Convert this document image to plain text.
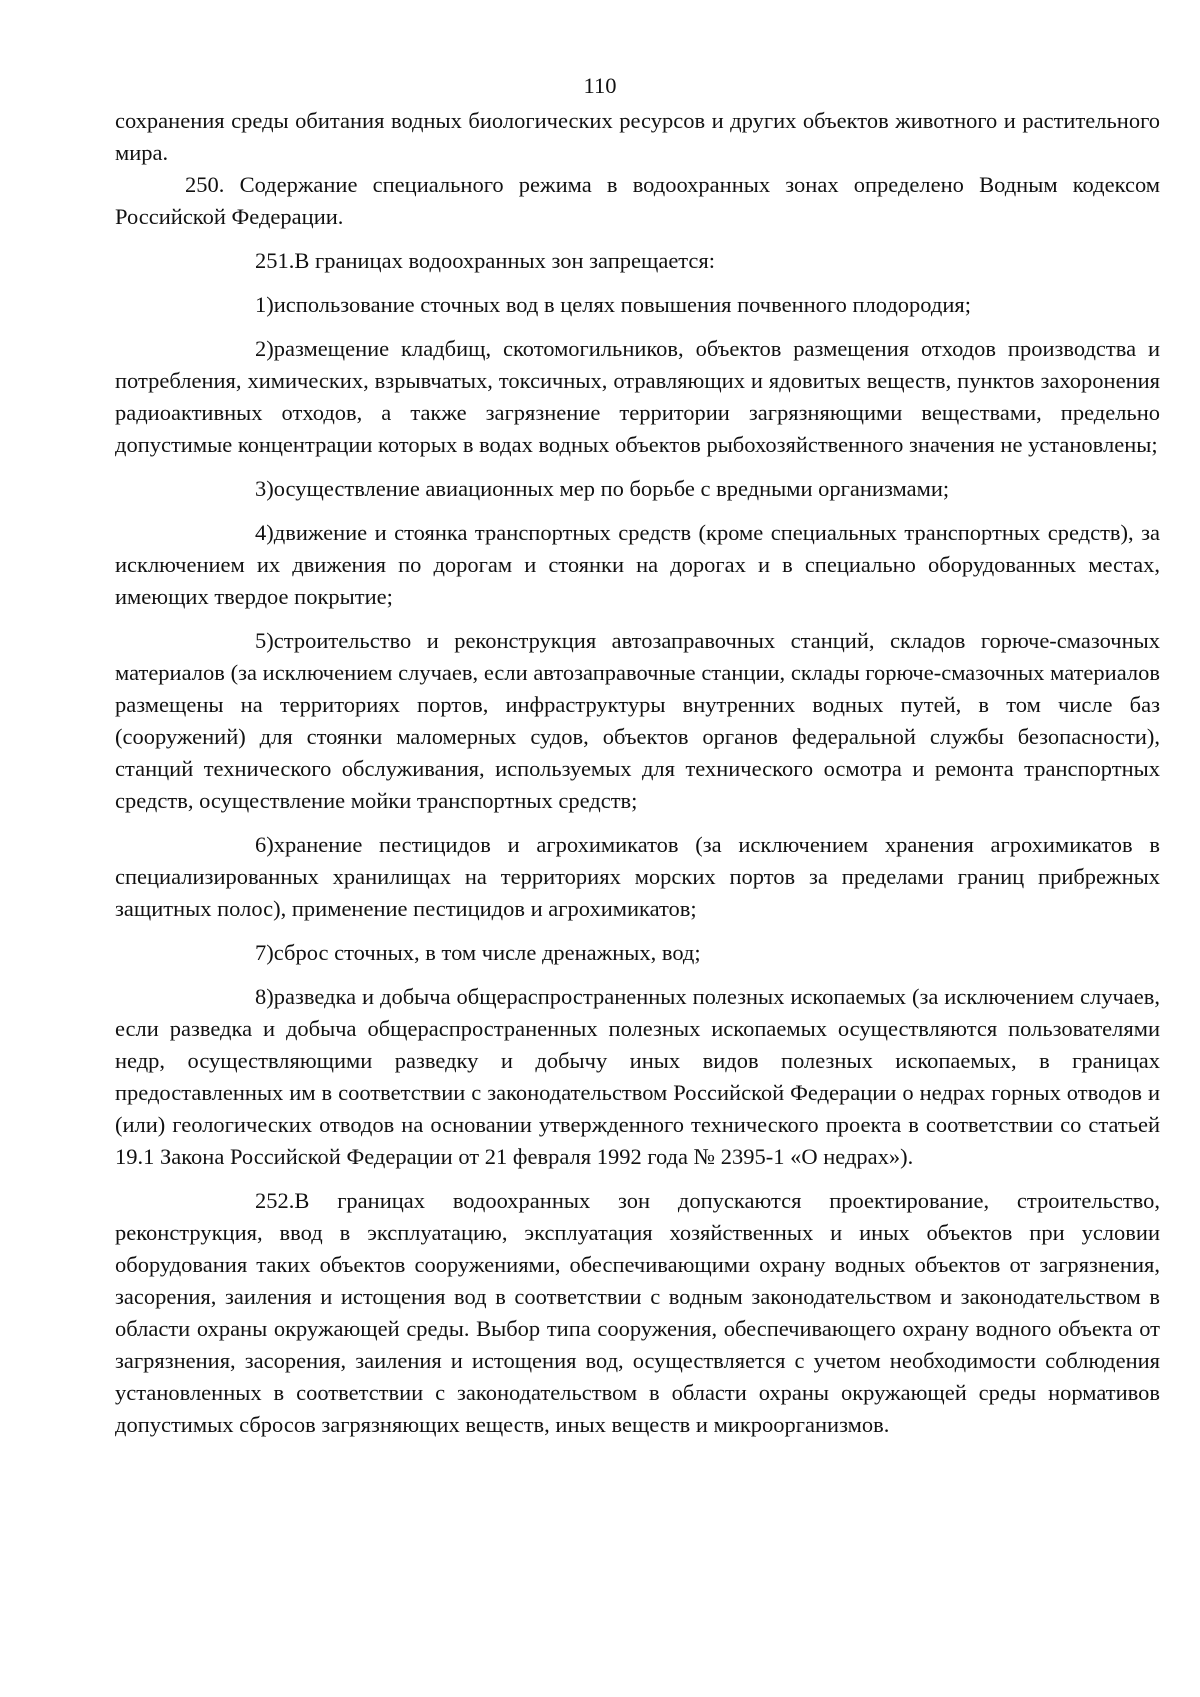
110

сохранения среды обитания водных биологических ресурсов и других объектов животного и растительного мира.

250. Содержание специального режима в водоохранных зонах определено Водным кодексом Российской Федерации.

251.В границах водоохранных зон запрещается:

1)использование сточных вод в целях повышения почвенного плодородия;

2)размещение кладбищ, скотомогильников, объектов размещения отходов производства и потребления, химических, взрывчатых, токсичных, отравляющих и ядовитых веществ, пунктов захоронения радиоактивных отходов, а также загрязнение территории загрязняющими веществами, предельно допустимые концентрации которых в водах водных объектов рыбохозяйственного значения не установлены;

3)осуществление авиационных мер по борьбе с вредными организмами;

4)движение и стоянка транспортных средств (кроме специальных транспортных средств), за исключением их движения по дорогам и стоянки на дорогах и в специально оборудованных местах, имеющих твердое покрытие;

5)строительство и реконструкция автозаправочных станций, складов горюче-смазочных материалов (за исключением случаев, если автозаправочные станции, склады горюче-смазочных материалов размещены на территориях портов, инфраструктуры внутренних водных путей, в том числе баз (сооружений) для стоянки маломерных судов, объектов органов федеральной службы безопасности), станций технического обслуживания, используемых для технического осмотра и ремонта транспортных средств, осуществление мойки транспортных средств;

6)хранение пестицидов и агрохимикатов (за исключением хранения агрохимикатов в специализированных хранилищах на территориях морских портов за пределами границ прибрежных защитных полос), применение пестицидов и агрохимикатов;

7)сброс сточных, в том числе дренажных, вод;

8)разведка и добыча общераспространенных полезных ископаемых (за исключением случаев, если разведка и добыча общераспространенных полезных ископаемых осуществляются пользователями недр, осуществляющими разведку и добычу иных видов полезных ископаемых, в границах предоставленных им в соответствии с законодательством Российской Федерации о недрах горных отводов и (или) геологических отводов на основании утвержденного технического проекта в соответствии со статьей 19.1 Закона Российской Федерации от 21 февраля 1992 года № 2395-1 «О недрах»).

252.В границах водоохранных зон допускаются проектирование, строительство, реконструкция, ввод в эксплуатацию, эксплуатация хозяйственных и иных объектов при условии оборудования таких объектов сооружениями, обеспечивающими охрану водных объектов от загрязнения, засорения, заиления и истощения вод в соответствии с водным законодательством и законодательством в области охраны окружающей среды. Выбор типа сооружения, обеспечивающего охрану водного объекта от загрязнения, засорения, заиления и истощения вод, осуществляется с учетом необходимости соблюдения установленных в соответствии с законодательством в области охраны окружающей среды нормативов допустимых сбросов загрязняющих веществ, иных веществ и микроорганизмов.
